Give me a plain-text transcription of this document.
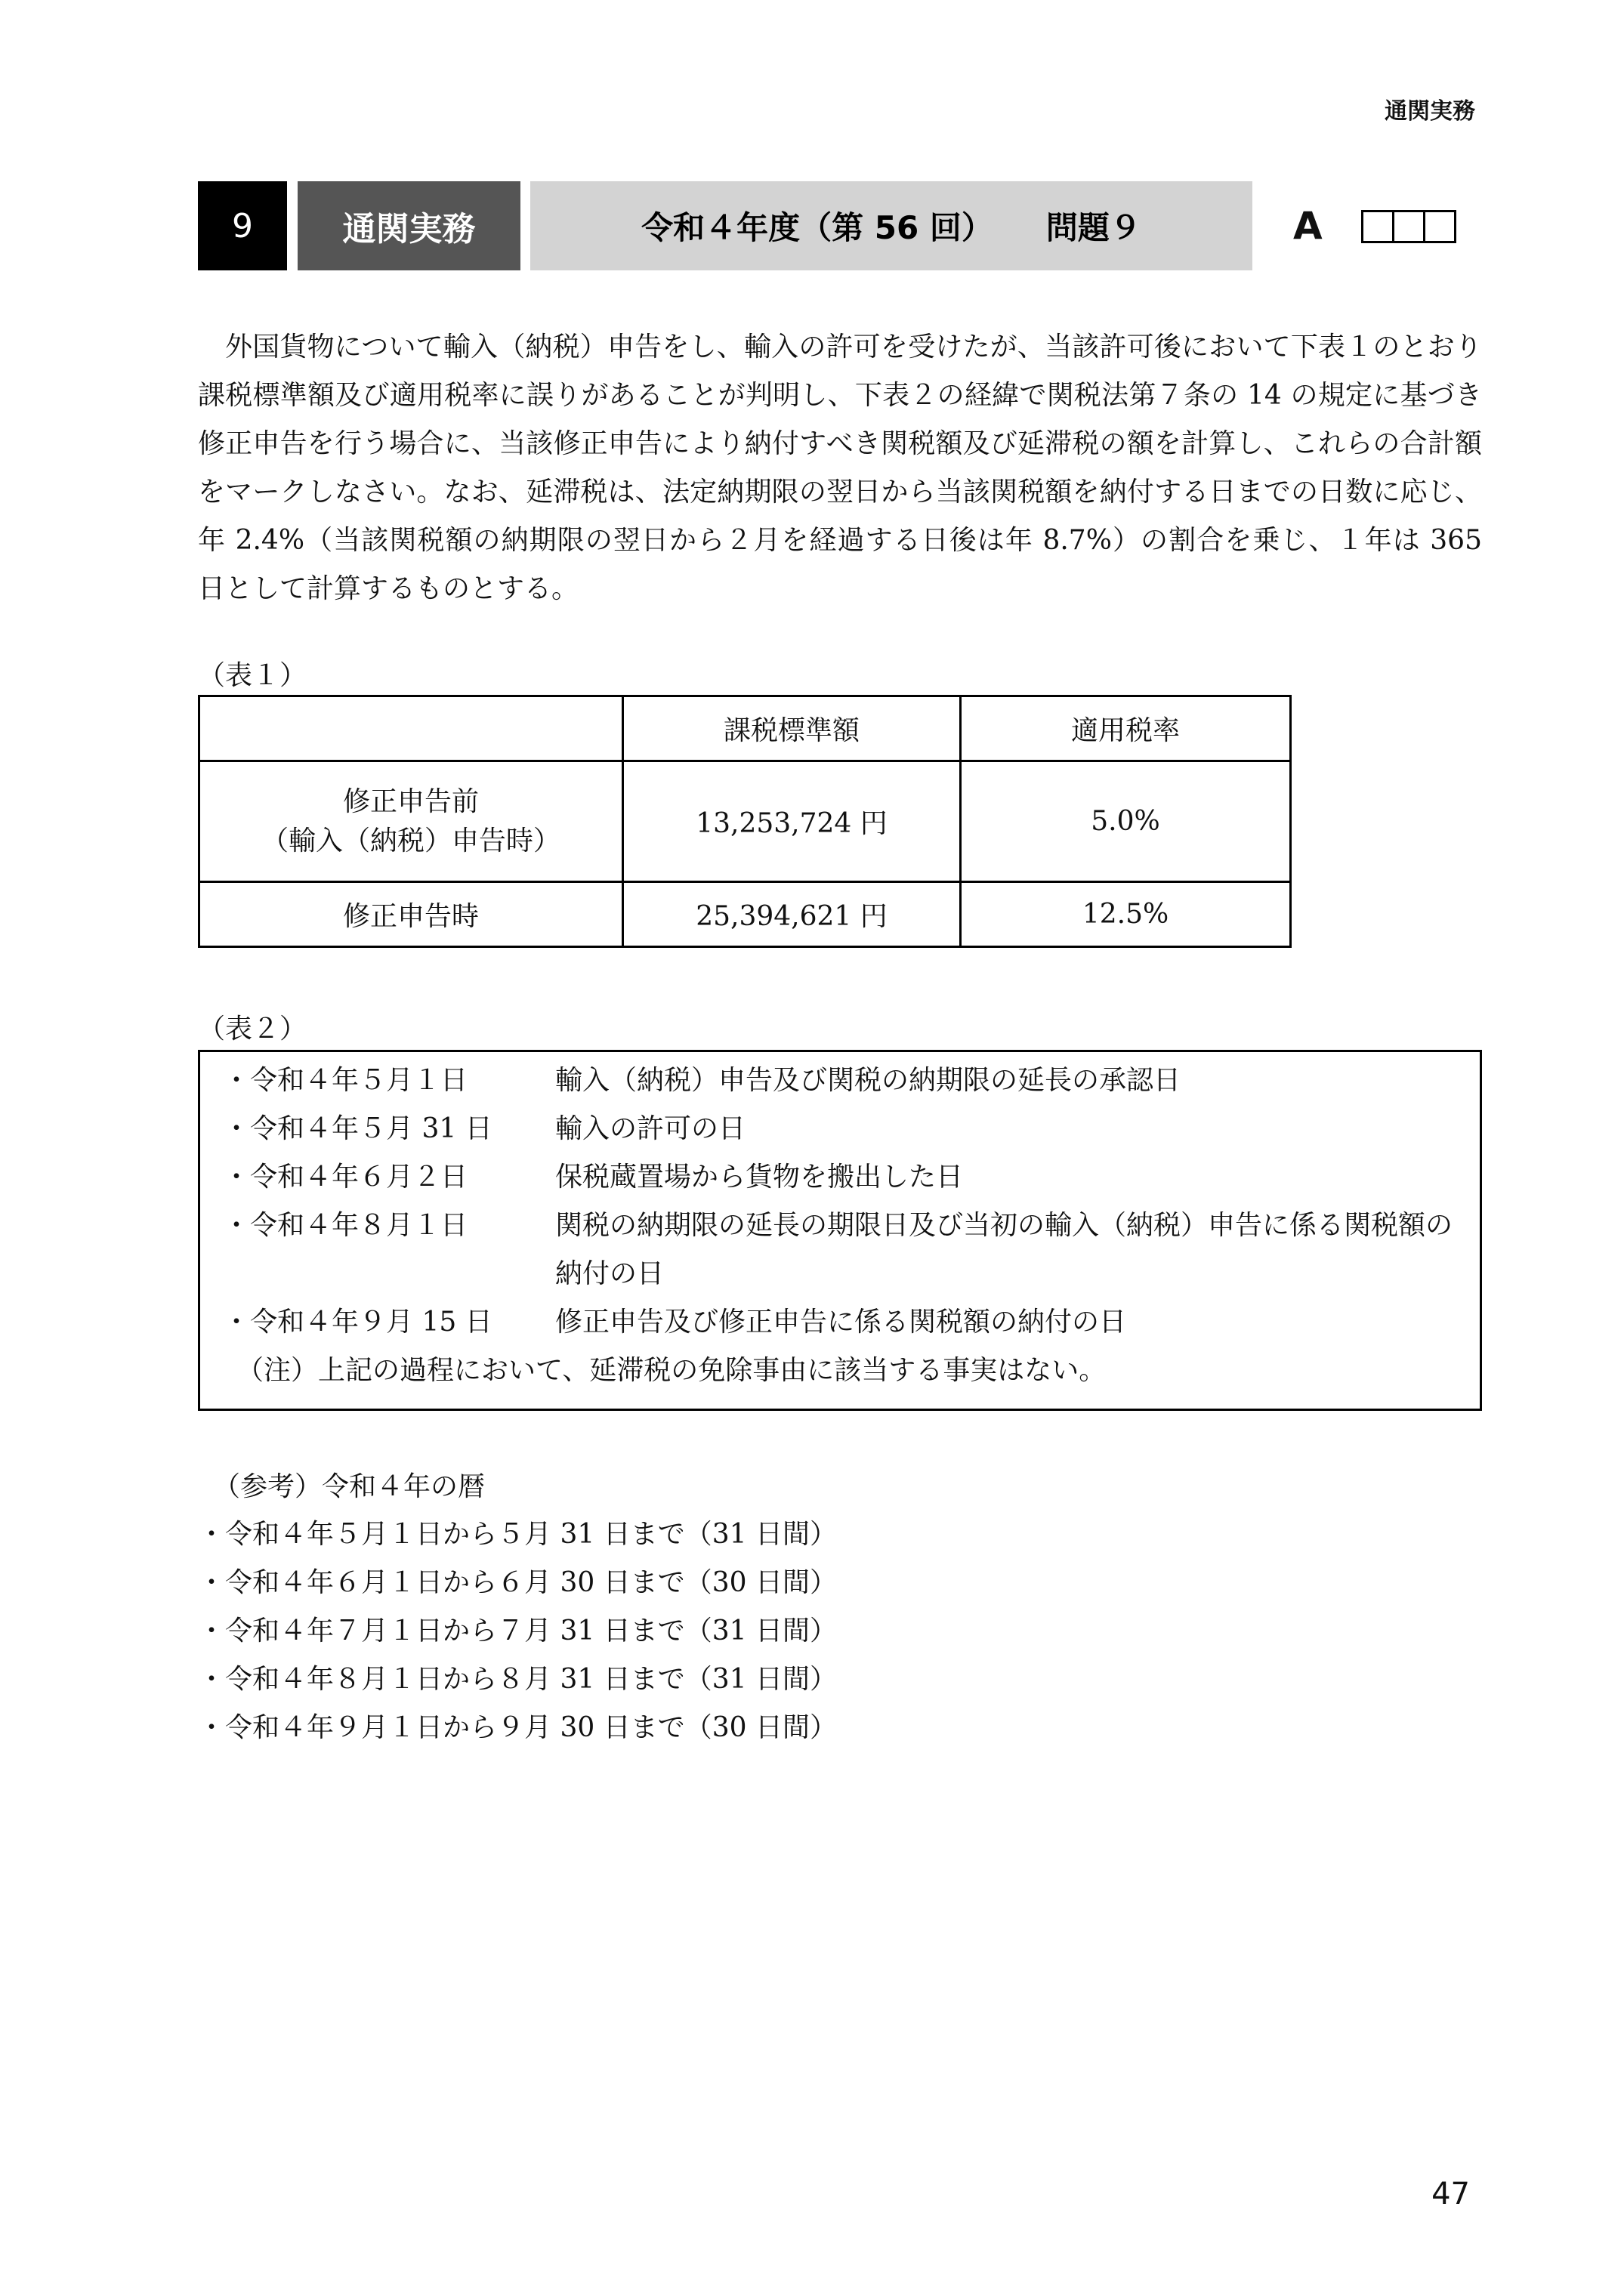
通関実務
9	通関実務	令和４年度（第 56 回） 問題９	A

外国貨物について輸入（納税）申告をし、輸入の許可を受けたが、当該許可後において下表１のとおり課税標準額及び適用税率に誤りがあることが判明し、下表２の経緯で関税法第７条の 14 の規定に基づき修正申告を行う場合に、当該修正申告により納付すべき関税額及び延滞税の額を計算し、これらの合計額をマークしなさい。なお、延滞税は、法定納期限の翌日から当該関税額を納付する日までの日数に応じ、年 2.4%（当該関税額の納期限の翌日から２月を経過する日後は年 8.7%）の割合を乗じ、１年は 365 日として計算するものとする。

（表１）

	課税標準額	適用税率

修正申告前
（輸入（納税）申告時）	13,253,724 円	5.0%
修正申告時	25,394,621 円	12.5%

（表２）

・令和４年５月１日	輸入（納税）申告及び関税の納期限の延長の承認日
・令和４年５月 31 日 輸入の許可の日
・令和４年６月２日	保税蔵置場から貨物を搬出した日
・令和４年８月１日	関税の納期限の延長の期限日及び当初の輸入（納税）申告に係る関税額の納付の日
・令和４年９月 15 日 修正申告及び修正申告に係る関税額の納付の日
（注）上記の過程において、延滞税の免除事由に該当する事実はない。
（参考）令和４年の暦
・令和４年５月１日から５月 31 日まで（31 日間）
・令和４年６月１日から６月 30 日まで（30 日間）
・令和４年７月１日から７月 31 日まで（31 日間）
・令和４年８月１日から８月 31 日まで（31 日間）
・令和４年９月１日から９月 30 日まで（30 日間）
47
